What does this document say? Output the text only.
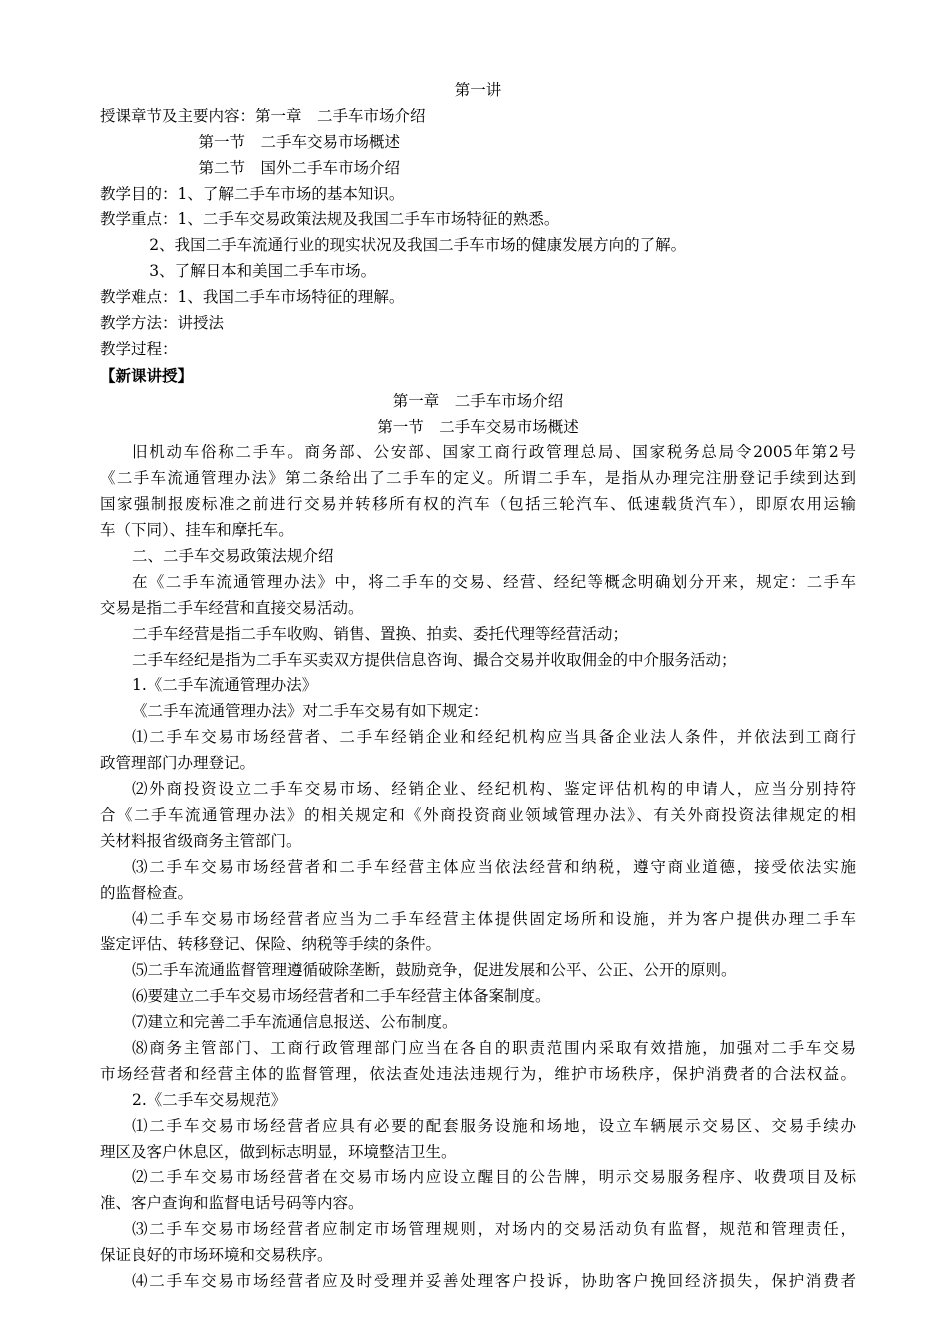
第一讲
授课章节及主要内容：第一章　二手车市场介绍
第一节　二手车交易市场概述
第二节　国外二手车市场介绍
教学目的：1、了解二手车市场的基本知识。
教学重点：1、二手车交易政策法规及我国二手车市场特征的熟悉。
2、我国二手车流通行业的现实状况及我国二手车市场的健康发展方向的了解。
3、了解日本和美国二手车市场。
教学难点：1、我国二手车市场特征的理解。
教学方法：讲授法
教学过程：
【新课讲授】
第一章　二手车市场介绍
第一节　二手车交易市场概述
旧机动车俗称二手车。商务部、公安部、国家工商行政管理总局、国家税务总局令2005年第2号
《二手车流通管理办法》第二条给出了二手车的定义。所谓二手车，是指从办理完注册登记手续到达到
国家强制报废标准之前进行交易并转移所有权的汽车（包括三轮汽车、低速载货汽车），即原农用运输
车（下同）、挂车和摩托车。
二、二手车交易政策法规介绍
在《二手车流通管理办法》中，将二手车的交易、经营、经纪等概念明确划分开来，规定：二手车
交易是指二手车经营和直接交易活动。
二手车经营是指二手车收购、销售、置换、拍卖、委托代理等经营活动；
二手车经纪是指为二手车买卖双方提供信息咨询、撮合交易并收取佣金的中介服务活动；
1.《二手车流通管理办法》
《二手车流通管理办法》对二手车交易有如下规定：
⑴二手车交易市场经营者、二手车经销企业和经纪机构应当具备企业法人条件，并依法到工商行
政管理部门办理登记。
⑵外商投资设立二手车交易市场、经销企业、经纪机构、鉴定评估机构的申请人，应当分别持符
合《二手车流通管理办法》的相关规定和《外商投资商业领域管理办法》、有关外商投资法律规定的相
关材料报省级商务主管部门。
⑶二手车交易市场经营者和二手车经营主体应当依法经营和纳税，遵守商业道德，接受依法实施
的监督检查。
⑷二手车交易市场经营者应当为二手车经营主体提供固定场所和设施，并为客户提供办理二手车
鉴定评估、转移登记、保险、纳税等手续的条件。
⑸二手车流通监督管理遵循破除垄断，鼓励竞争，促进发展和公平、公正、公开的原则。
⑹要建立二手车交易市场经营者和二手车经营主体备案制度。
⑺建立和完善二手车流通信息报送、公布制度。
⑻商务主管部门、工商行政管理部门应当在各自的职责范围内采取有效措施，加强对二手车交易
市场经营者和经营主体的监督管理，依法查处违法违规行为，维护市场秩序，保护消费者的合法权益。
2.《二手车交易规范》
⑴二手车交易市场经营者应具有必要的配套服务设施和场地，设立车辆展示交易区、交易手续办
理区及客户休息区，做到标志明显，环境整洁卫生。
⑵二手车交易市场经营者在交易市场内应设立醒目的公告牌，明示交易服务程序、收费项目及标
准、客户查询和监督电话号码等内容。
⑶二手车交易市场经营者应制定市场管理规则，对场内的交易活动负有监督，规范和管理责任，
保证良好的市场环境和交易秩序。
⑷二手车交易市场经营者应及时受理并妥善处理客户投诉，协助客户挽回经济损失，保护消费者
